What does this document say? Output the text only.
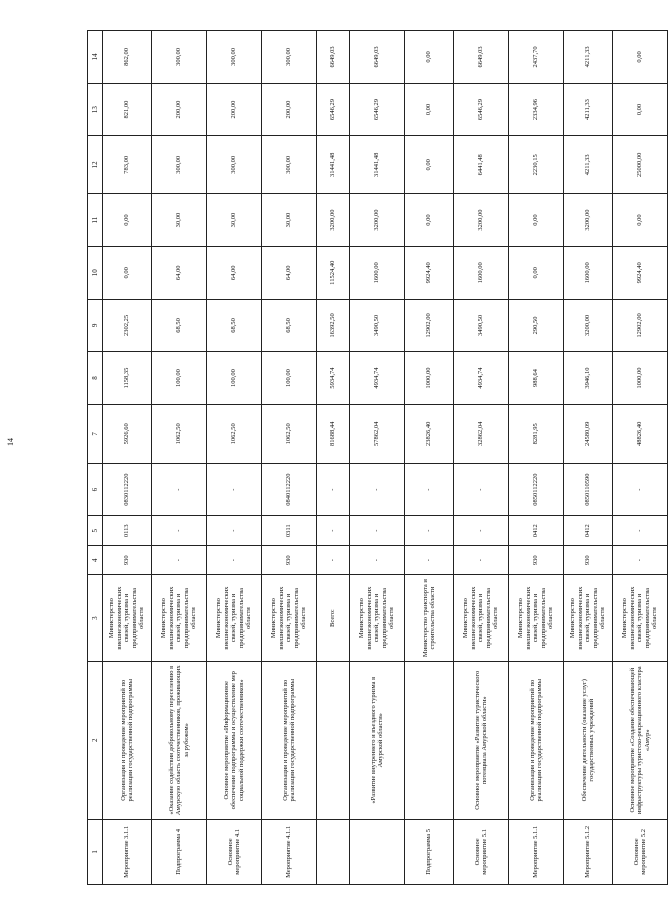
14
1	2	3	4	5	6	7	8	9	10	11	12	13	14
Мероприятие 3.1.1	Организация и проведение мероприятий по реализации государственной подпрограммы	Министерство внешнеэкономических связей, туризма и предпринимательства области	930	0113	0830112220	5926,60	1158,35	2302,25	0,00	0,00	783,00	821,00	862,00
Подпрограмма 4	«Оказание содействия добровольному переселению в Амурскую область соотечественников, проживающих за рубежом»	Министерство внешнеэкономических связей, туризма и предпринимательства области	-	-	-	1062,50	100,00	68,50	64,00	30,00	300,00	200,00	300,00
Основное мероприятие 4.1	Основное мероприятие «Информационное обеспечение подпрограммы и осуществление мер социальной поддержки соотечественников»	Министерство внешнеэкономических связей, туризма и предпринимательства области	-	-	-	1062,50	100,00	68,50	64,00	30,00	300,00	200,00	300,00
Мероприятие 4.1.1	Организация и проведение мероприятий по реализации государственной подпрограммы	Министерство внешнеэкономических связей, туризма и предпринимательства области	930	0311	0840112220	1062,50	100,00	68,50	64,00	30,00	300,00	200,00	300,00
		Всего:	-	-	-	81688,44	5934,74	16392,50	11524,40	3200,00	31441,48	6546,29	6649,03
	«Развитие внутреннего и въездного туризма в Амурской области»	Министерство внешнеэкономических связей, туризма и предпринимательства области	-	-	-	57862,04	4934,74	3490,50	1600,00	3200,00	31441,48	6546,29	6649,03
Подпрограмма 5		Министерство транспорта и строительства области	-	-	-	23826,40	1000,00	12902,00	9924,40	0,00	0,00	0,00	0,00
Основное мероприятие 5.1	Основное мероприятие «Развитие туристического потенциала Амурской области»	Министерство внешнеэкономических связей, туризма и предпринимательства области	-	-	-	32862,04	4934,74	3490,50	1600,00	3200,00	6441,48	6546,29	6649,03
Мероприятие 5.1.1	Организация и проведение мероприятий по реализации государственной подпрограммы	Министерство внешнеэкономических связей, туризма и предпринимательства области	930	0412	0850112220	8281,95	988,64	290,50	0,00	0,00	2230,15	2334,96	2437,70
Мероприятие 5.1.2	Обеспечение деятельности (оказание услуг) государственных учреждений	Министерство внешнеэкономических связей, туризма и предпринимательства области	930	0412	0850110590	24580,09	3946,10	3200,00	1600,00	3200,00	4211,33	4211,33	4211,33
Основное мероприятие 5.2	Основное мероприятие «Создание обеспечивающей инфраструктуры туристско-рекреационного кластера «Амур»	Министерство внешнеэкономических связей, туризма и предпринимательства области	-	-	-	48826,40	1000,00	12902,00	9924,40	0,00	25000,00	0,00	0,00
